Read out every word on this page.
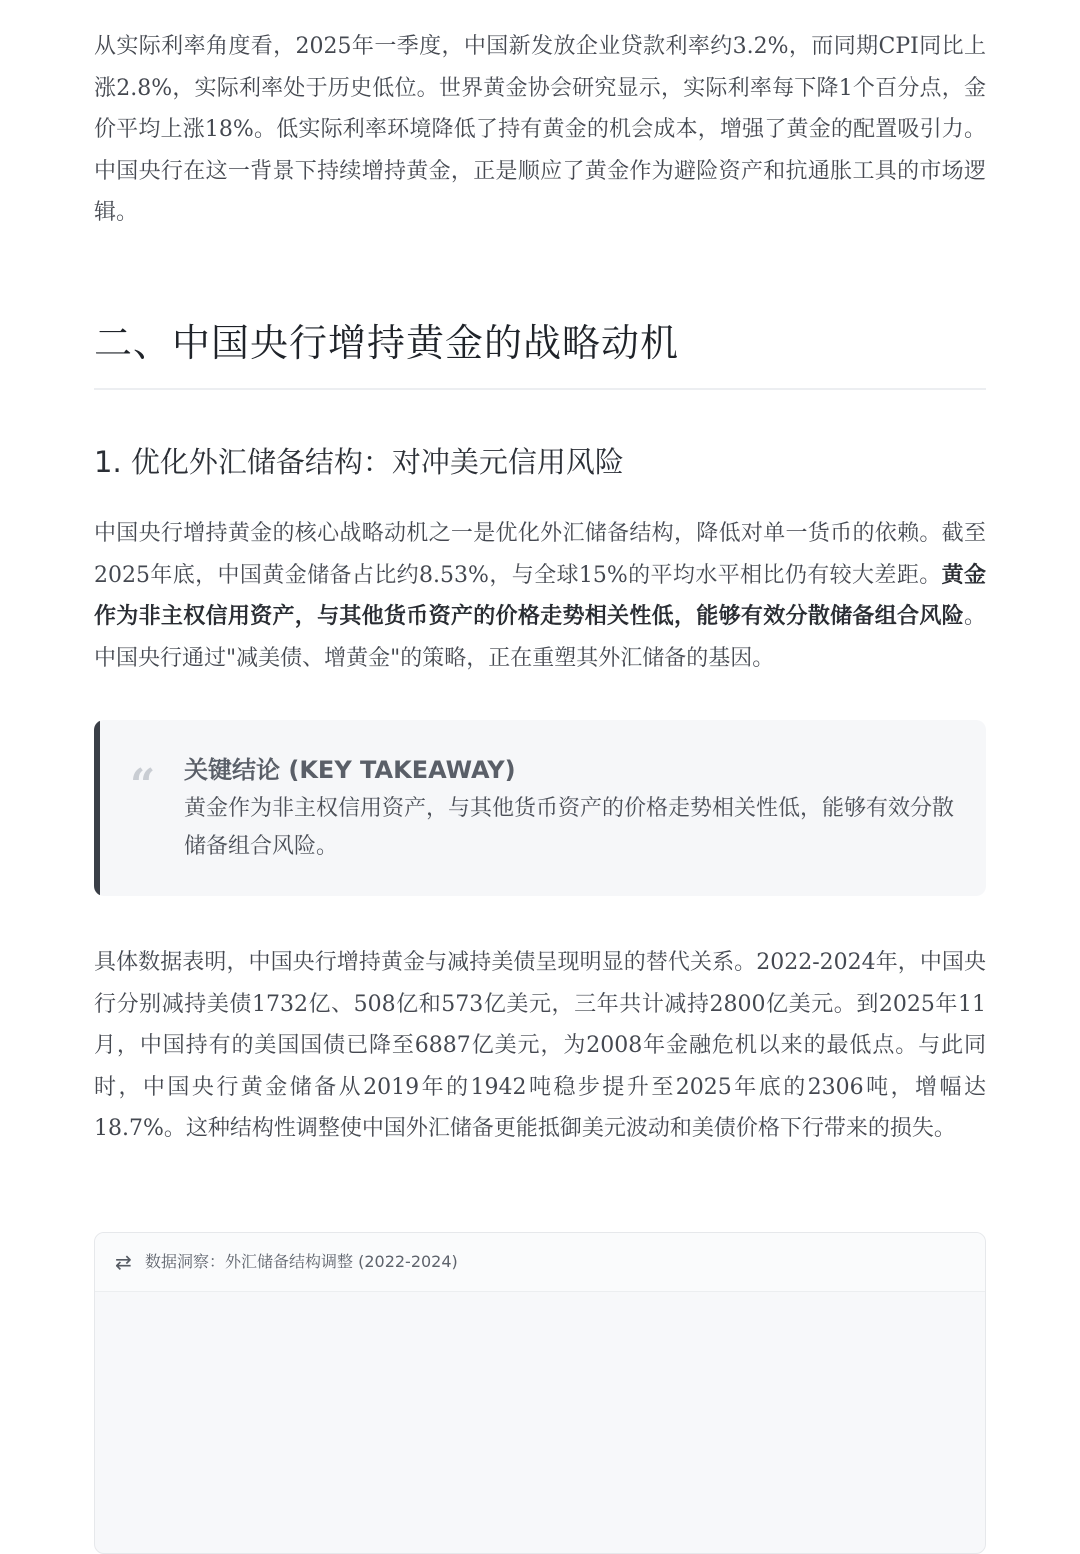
从实际利率角度看，2025年一季度，中国新发放企业贷款利率约3.2%，而同期CPI同比上涨2.8%，实际利率处于历史低位。世界黄金协会研究显示，实际利率每下降1个百分点，金价平均上涨18%。低实际利率环境降低了持有黄金的机会成本，增强了黄金的配置吸引力。中国央行在这一背景下持续增持黄金，正是顺应了黄金作为避险资产和抗通胀工具的市场逻辑。

二、中国央行增持黄金的战略动机
1. 优化外汇储备结构：对冲美元信用风险

中国央行增持黄金的核心战略动机之一是优化外汇储备结构，降低对单一货币的依赖。截至2025年底，中国黄金储备占比约8.53%，与全球15%的平均水平相比仍有较大差距。黄金作为非主权信用资产，与其他货币资产的价格走势相关性低，能够有效分散储备组合风险。中国央行通过"减美债、增黄金"的策略，正在重塑其外汇储备的基因。

“ 关键结论 (KEY TAKEAWAY)
黄金作为非主权信用资产，与其他货币资产的价格走势相关性低，能够有效分散储备组合风险。

具体数据表明，中国央行增持黄金与减持美债呈现明显的替代关系。2022-2024年，中国央行分别减持美债1732亿、508亿和573亿美元，三年共计减持2800亿美元。到2025年11月，中国持有的美国国债已降至6887亿美元，为2008年金融危机以来的最低点。与此同时，中国央行黄金储备从2019年的1942吨稳步提升至2025年底的2306吨，增幅达18.7%。这种结构性调整使中国外汇储备更能抵御美元波动和美债价格下行带来的损失。

⇄ 数据洞察：外汇储备结构调整 (2022-2024)
